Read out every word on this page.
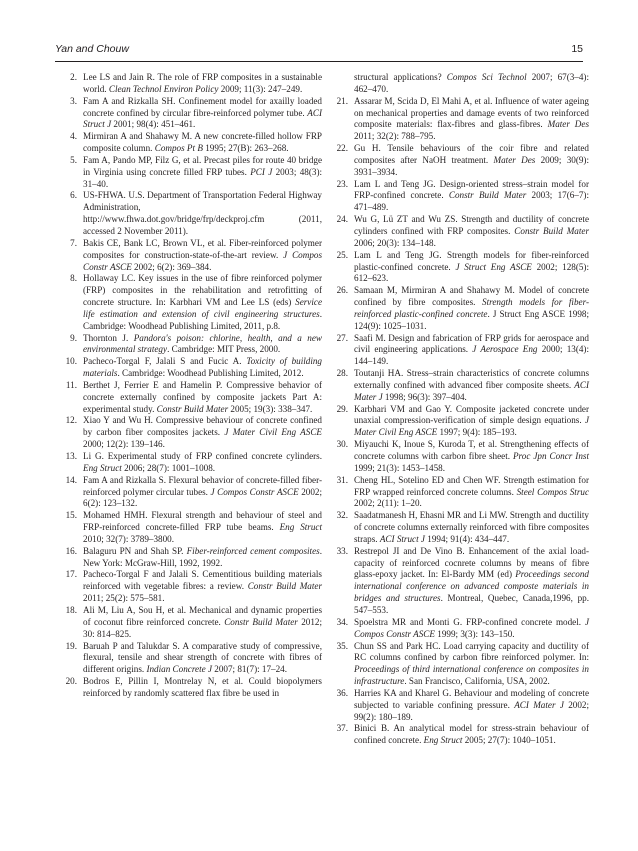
Yan and Chouw	15
2. Lee LS and Jain R. The role of FRP composites in a sustainable world. Clean Technol Environ Policy 2009; 11(3): 247–249.
3. Fam A and Rizkalla SH. Confinement model for axailly loaded concrete confined by circular fibre-reinforced polymer tube. ACI Struct J 2001; 98(4): 451–461.
4. Mirmiran A and Shahawy M. A new concrete-filled hollow FRP composite column. Compos Pt B 1995; 27(B): 263–268.
5. Fam A, Pando MP, Filz G, et al. Precast piles for route 40 bridge in Virginia using concrete filled FRP tubes. PCI J 2003; 48(3): 31–40.
6. US-FHWA. U.S. Department of Transportation Federal Highway Administration, http://www.fhwa.dot.gov/bridge/frp/deckproj.cfm (2011, accessed 2 November 2011).
7. Bakis CE, Bank LC, Brown VL, et al. Fiber-reinforced polymer composites for construction-state-of-the-art review. J Compos Constr ASCE 2002; 6(2): 369–384.
8. Hollaway LC. Key issues in the use of fibre reinforced polymer (FRP) composites in the rehabilitation and retrofitting of concrete structure. In: Karbhari VM and Lee LS (eds) Service life estimation and extension of civil engineering structures. Cambridge: Woodhead Publishing Limited, 2011, p.8.
9. Thornton J. Pandora's poison: chlorine, health, and a new environmental strategy. Cambridge: MIT Press, 2000.
10. Pacheco-Torgal F, Jalali S and Fucic A. Toxicity of building materials. Cambridge: Woodhead Publishing Limited, 2012.
11. Berthet J, Ferrier E and Hamelin P. Compressive behavior of concrete externally confined by composite jackets Part A: experimental study. Constr Build Mater 2005; 19(3): 338–347.
12. Xiao Y and Wu H. Compressive behaviour of concrete confined by carbon fiber composites jackets. J Mater Civil Eng ASCE 2000; 12(2): 139–146.
13. Li G. Experimental study of FRP confined concrete cylinders. Eng Struct 2006; 28(7): 1001–1008.
14. Fam A and Rizkalla S. Flexural behavior of concrete-filled fiber-reinforced polymer circular tubes. J Compos Constr ASCE 2002; 6(2): 123–132.
15. Mohamed HMH. Flexural strength and behaviour of steel and FRP-reinforced concrete-filled FRP tube beams. Eng Struct 2010; 32(7): 3789–3800.
16. Balaguru PN and Shah SP. Fiber-reinforced cement composites. New York: McGraw-Hill, 1992, 1992.
17. Pacheco-Torgal F and Jalali S. Cementitious building materials reinforced with vegetable fibres: a review. Constr Build Mater 2011; 25(2): 575–581.
18. Ali M, Liu A, Sou H, et al. Mechanical and dynamic properties of coconut fibre reinforced concrete. Constr Build Mater 2012; 30: 814–825.
19. Baruah P and Talukdar S. A comparative study of compressive, flexural, tensile and shear strength of concrete with fibres of different origins. Indian Concrete J 2007; 81(7): 17–24.
20. Bodros E, Pillin I, Montrelay N, et al. Could biopolymers reinforced by randomly scattered flax fibre be used in
structural applications? Compos Sci Technol 2007; 67(3–4): 462–470.
21. Assarar M, Scida D, El Mahi A, et al. Influence of water ageing on mechanical properties and damage events of two reinforced composite materials: flax-fibres and glass-fibres. Mater Des 2011; 32(2): 788–795.
22. Gu H. Tensile behaviours of the coir fibre and related composites after NaOH treatment. Mater Des 2009; 30(9): 3931–3934.
23. Lam L and Teng JG. Design-oriented stress–strain model for FRP-confined concrete. Constr Build Mater 2003; 17(6–7): 471–489.
24. Wu G, Lü ZT and Wu ZS. Strength and ductility of concrete cylinders confined with FRP composites. Constr Build Mater 2006; 20(3): 134–148.
25. Lam L and Teng JG. Strength models for fiber-reinforced plastic-confined concrete. J Struct Eng ASCE 2002; 128(5): 612–623.
26. Samaan M, Mirmiran A and Shahawy M. Model of concrete confined by fibre composites. Strength models for fiber-reinforced plastic-confined concrete. J Struct Eng ASCE 1998; 124(9): 1025–1031.
27. Saafi M. Design and fabrication of FRP grids for aerospace and civil engineering applications. J Aerospace Eng 2000; 13(4): 144–149.
28. Toutanji HA. Stress–strain characteristics of concrete columns externally confined with advanced fiber composite sheets. ACI Mater J 1998; 96(3): 397–404.
29. Karbhari VM and Gao Y. Composite jacketed concrete under unaxial compression-verification of simple design equations. J Mater Civil Eng ASCE 1997; 9(4): 185–193.
30. Miyauchi K, Inoue S, Kuroda T, et al. Strengthening effects of concrete columns with carbon fibre sheet. Proc Jpn Concr Inst 1999; 21(3): 1453–1458.
31. Cheng HL, Sotelino ED and Chen WF. Strength estimation for FRP wrapped reinforced concrete columns. Steel Compos Struc 2002; 2(11): 1–20.
32. Saadatmanesh H, Ehasni MR and Li MW. Strength and ductility of concrete columns externally reinforced with fibre composites straps. ACI Struct J 1994; 91(4): 434–447.
33. Restrepol JI and De Vino B. Enhancement of the axial load-capacity of reinforced cocnrete columns by means of fibre glass-epoxy jacket. In: El-Bardy MM (ed) Proceedings second international conference on advanced composte materials in bridges and structures. Montreal, Quebec, Canada,1996, pp. 547–553.
34. Spoelstra MR and Monti G. FRP-confined concrete model. J Compos Constr ASCE 1999; 3(3): 143–150.
35. Chun SS and Park HC. Load carrying capacity and ductility of RC columns confined by carbon fibre reinforced polymer. In: Proceedings of third international conference on composites in infrastructure. San Francisco, California, USA, 2002.
36. Harries KA and Kharel G. Behaviour and modeling of concrete subjected to variable confining pressure. ACI Mater J 2002; 99(2): 180–189.
37. Binici B. An analytical model for stress-strain behaviour of confined concrete. Eng Struct 2005; 27(7): 1040–1051.
